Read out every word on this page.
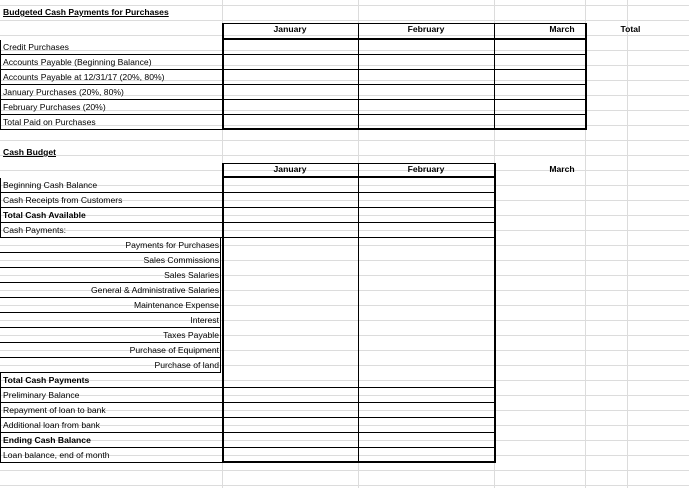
Budgeted Cash Payments for Purchases
January	February	March	Total
Credit Purchases
Accounts Payable (Beginning Balance)
Accounts Payable at 12/31/17 (20%, 80%)
January Purchases (20%, 80%)
February Purchases (20%)
Total Paid on Purchases
Cash Budget
January	February	March
Beginning Cash Balance
Cash Receipts from Customers
Total Cash Available
Cash Payments:
Payments for Purchases
Sales Commissions
Sales Salaries
General & Administrative Salaries
Maintenance Expense
Interest
Taxes Payable
Purchase of Equipment
Purchase of land
Total Cash Payments
Preliminary Balance
Repayment of loan to bank
Additional loan from bank
Ending Cash Balance
Loan balance, end of month
